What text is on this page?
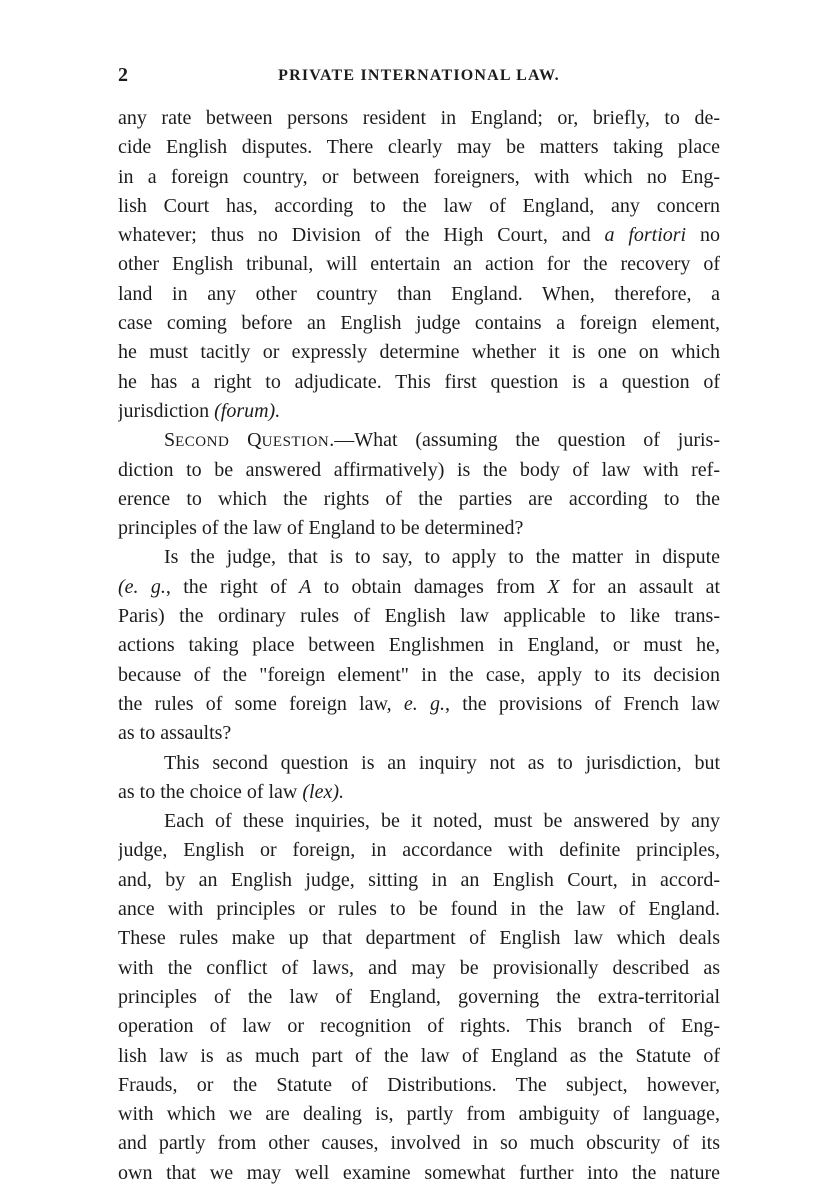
2	PRIVATE INTERNATIONAL LAW.
any rate between persons resident in England; or, briefly, to de-
cide English disputes. There clearly may be matters taking place
in a foreign country, or between foreigners, with which no Eng-
lish Court has, according to the law of England, any concern
whatever; thus no Division of the High Court, and a fortiori no
other English tribunal, will entertain an action for the recovery of
land in any other country than England. When, therefore, a
case coming before an English judge contains a foreign element,
he must tacitly or expressly determine whether it is one on which
he has a right to adjudicate. This first question is a question of
jurisdiction (forum).
SECOND QUESTION.—What (assuming the question of juris-
diction to be answered affirmatively) is the body of law with ref-
erence to which the rights of the parties are according to the
principles of the law of England to be determined?
Is the judge, that is to say, to apply to the matter in dispute
(e. g., the right of A to obtain damages from X for an assault at
Paris) the ordinary rules of English law applicable to like trans-
actions taking place between Englishmen in England, or must he,
because of the "foreign element" in the case, apply to its decision
the rules of some foreign law, e. g., the provisions of French law
as to assaults?
This second question is an inquiry not as to jurisdiction, but
as to the choice of law (lex).
Each of these inquiries, be it noted, must be answered by any
judge, English or foreign, in accordance with definite principles,
and, by an English judge, sitting in an English Court, in accord-
ance with principles or rules to be found in the law of England.
These rules make up that department of English law which deals
with the conflict of laws, and may be provisionally described as
principles of the law of England, governing the extra-territorial
operation of law or recognition of rights. This branch of Eng-
lish law is as much part of the law of England as the Statute of
Frauds, or the Statute of Distributions. The subject, however,
with which we are dealing is, partly from ambiguity of language,
and partly from other causes, involved in so much obscurity of its
own that we may well examine somewhat further into the nature
